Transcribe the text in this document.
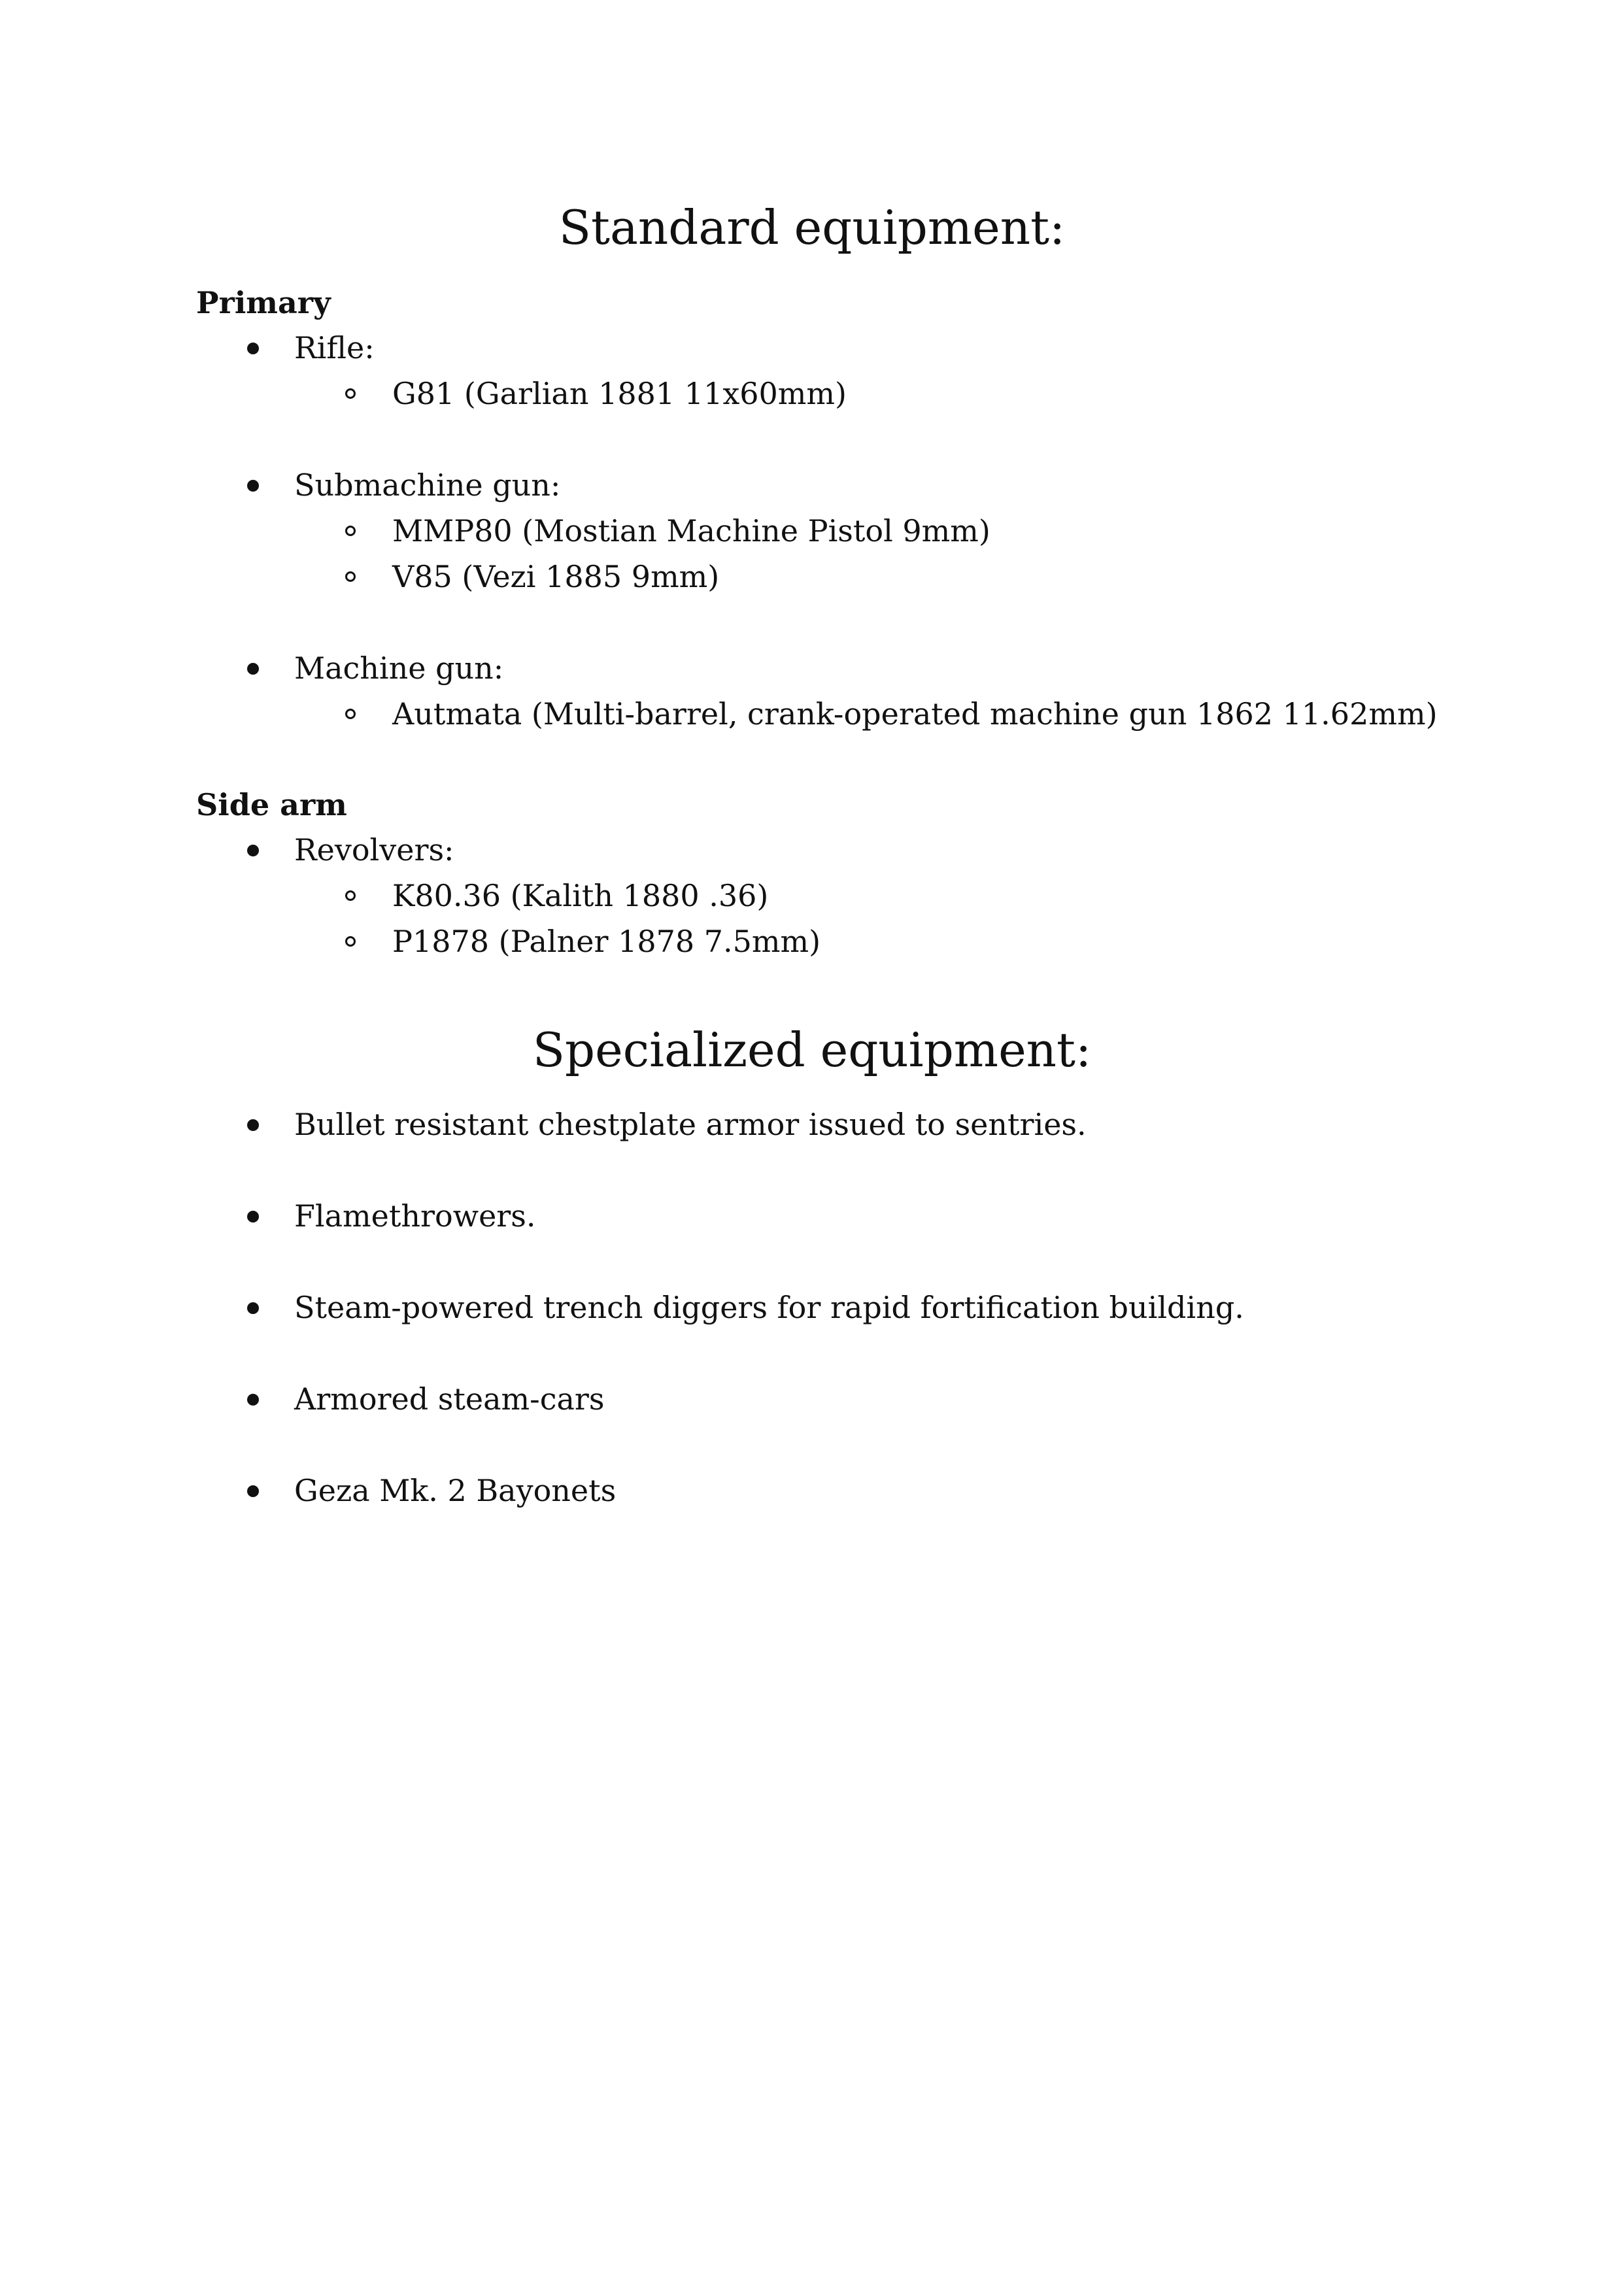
Standard equipment:
Primary
Rifle:
G81 (Garlian 1881 11x60mm)
Submachine gun:
MMP80 (Mostian Machine Pistol 9mm)
V85 (Vezi 1885 9mm)
Machine gun:
Autmata (Multi-barrel, crank-operated machine gun 1862 11.62mm)
Side arm
Revolvers:
K80.36 (Kalith 1880 .36)
P1878 (Palner 1878 7.5mm)
Specialized equipment:
Bullet resistant chestplate armor issued to sentries.
Flamethrowers.
Steam-powered trench diggers for rapid fortification building.
Armored steam-cars
Geza Mk. 2 Bayonets
